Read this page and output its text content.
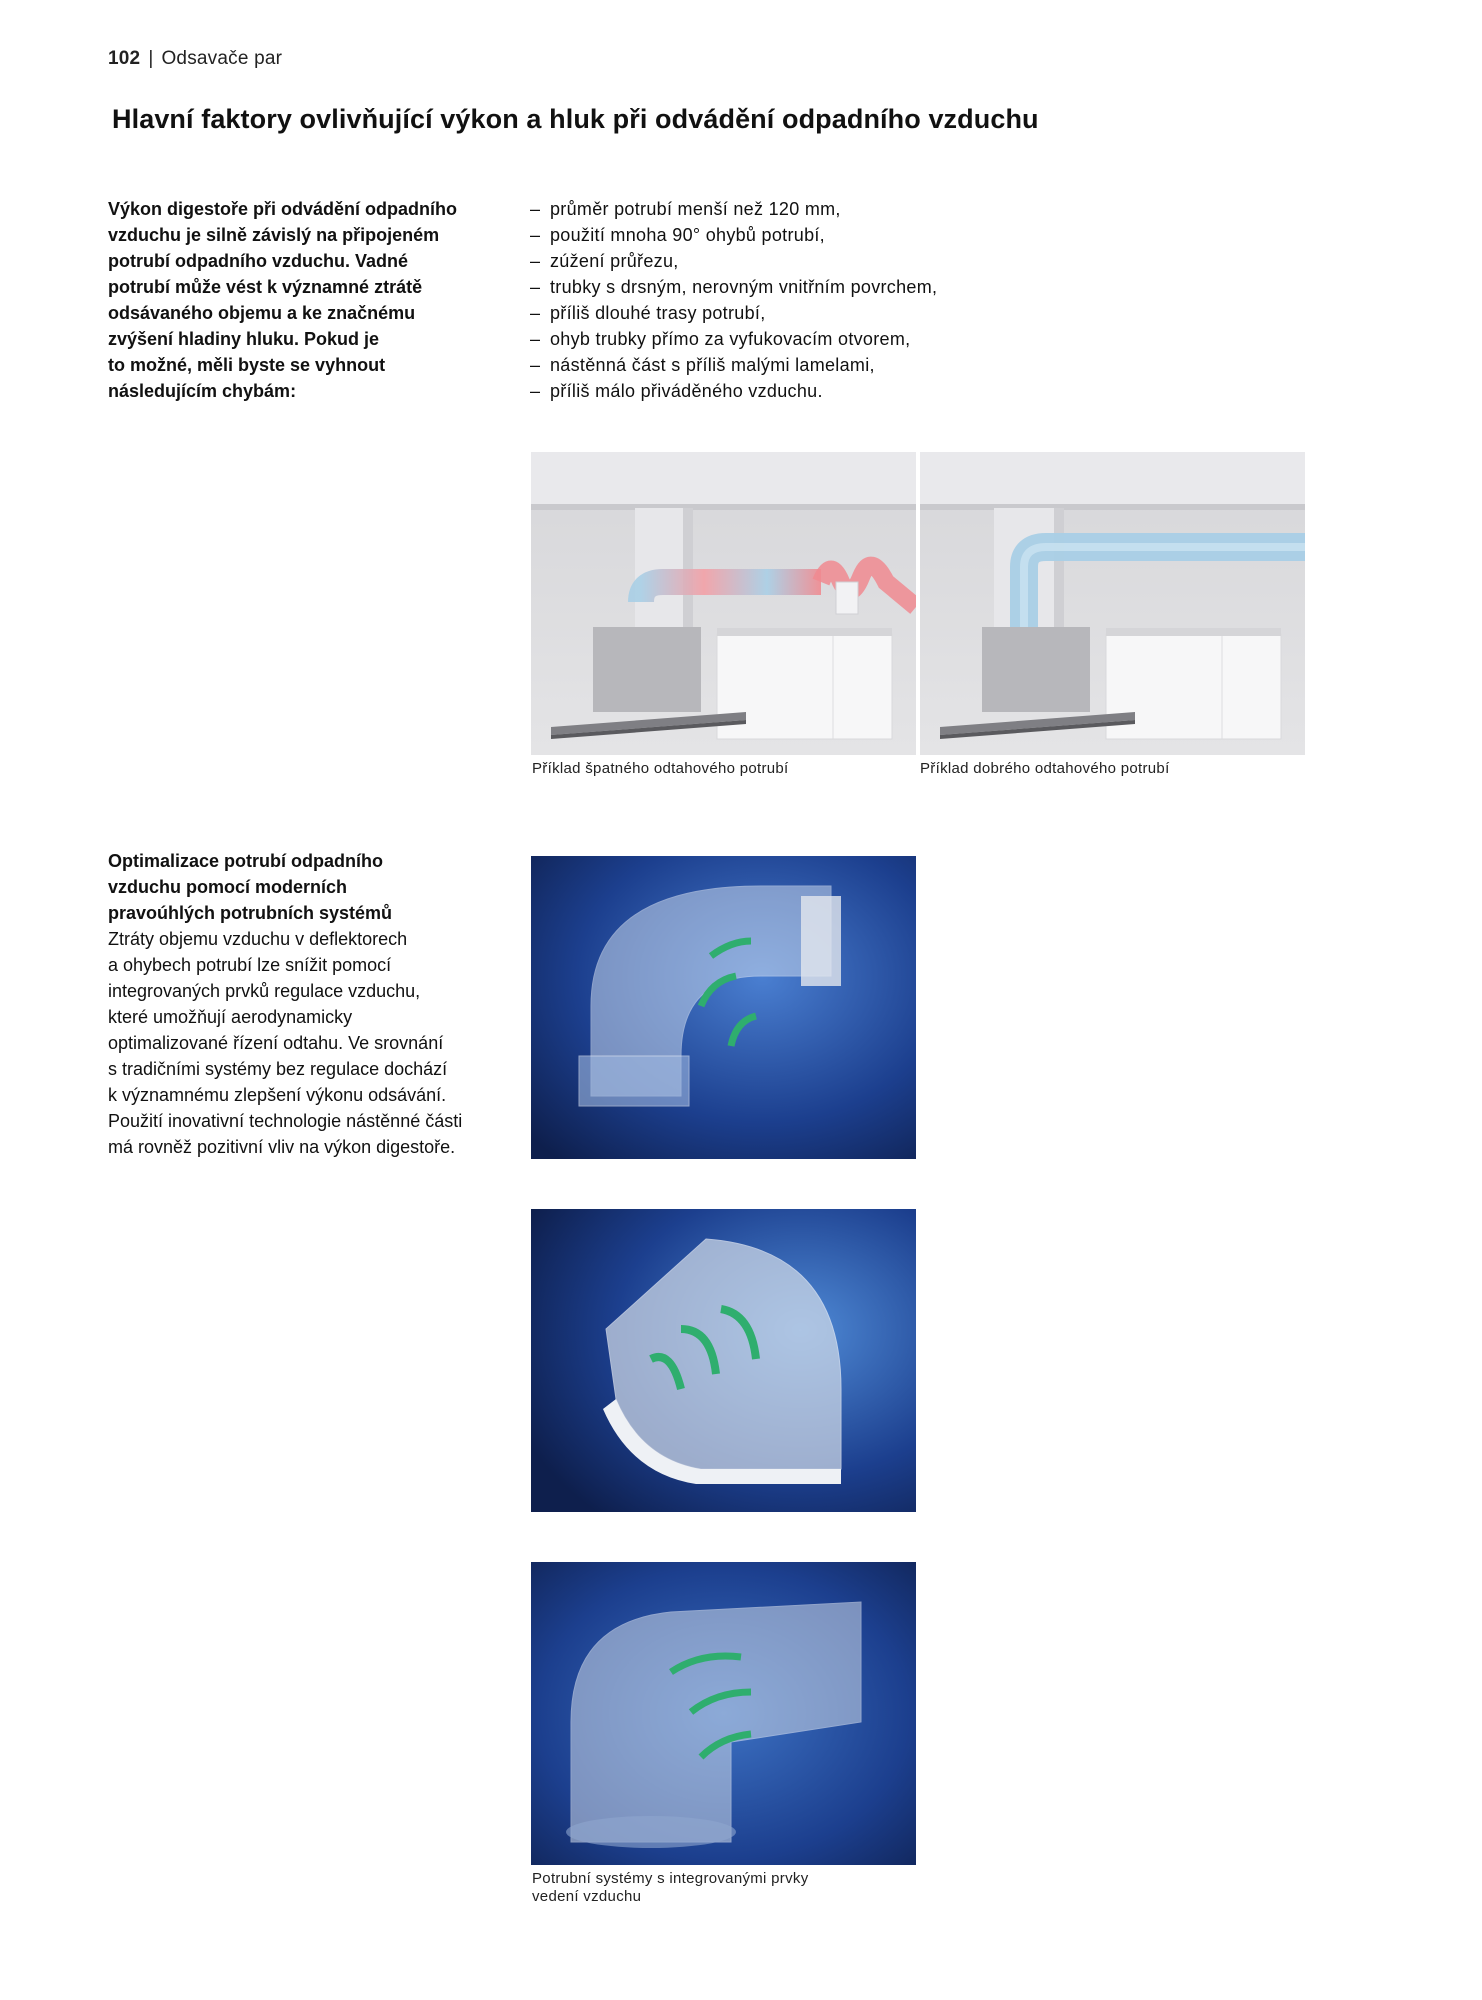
102 | Odsavače par
Hlavní faktory ovlivňující výkon a hluk při odvádění odpadního vzduchu

Výkon digestoře při odvádění odpadního
vzduchu je silně závislý na připojeném
potrubí odpadního vzduchu. Vadné
potrubí může vést k významné ztrátě
odsávaného objemu a ke značnému
zvýšení hladiny hluku. Pokud je
to možné, měli byste se vyhnout
následujícím chybám:

– průměr potrubí menší než 120 mm,
– použití mnoha 90° ohybů potrubí,
– zúžení průřezu,
– trubky s drsným, nerovným vnitřním povrchem,
– příliš dlouhé trasy potrubí,
– ohyb trubky přímo za vyfukovacím otvorem,
– nástěnná část s příliš malými lamelami,
– příliš málo přiváděného vzduchu.
Příklad špatného odtahového potrubí	Příklad dobrého odtahového potrubí
Optimalizace potrubí odpadního
vzduchu pomocí moderních
pravoúhlých potrubních systémů

Ztráty objemu vzduchu v deflektorech
a ohybech potrubí lze snížit pomocí
integrovaných prvků regulace vzduchu,
které umožňují aerodynamicky
optimalizované řízení odtahu. Ve srovnání
s tradičními systémy bez regulace dochází
k významnému zlepšení výkonu odsávání.
Použití inovativní technologie nástěnné části
má rovněž pozitivní vliv na výkon digestoře.

Potrubní systémy s integrovanými prvky
vedení vzduchu
